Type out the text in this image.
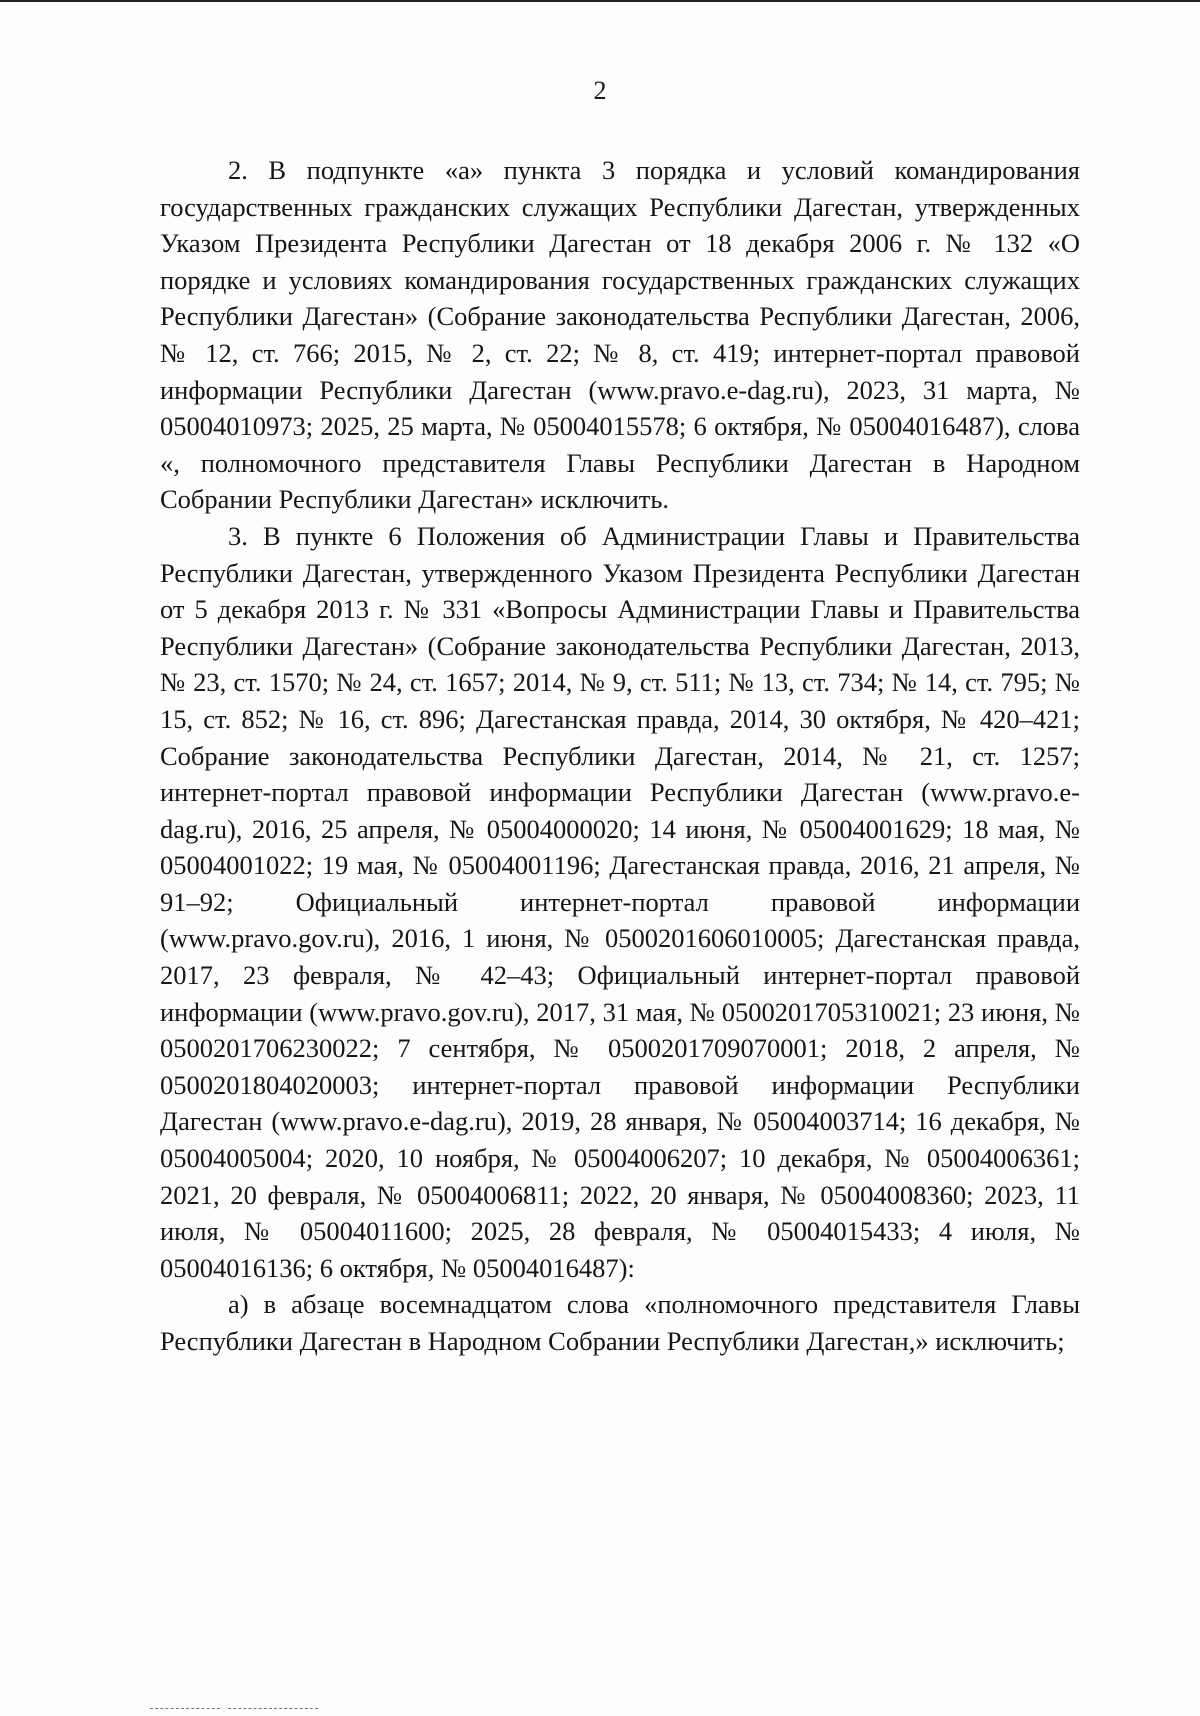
2

2. В подпункте «а» пункта 3 порядка и условий командирования государственных гражданских служащих Республики Дагестан, утвержденных Указом Президента Республики Дагестан от 18 декабря 2006 г. № 132 «О порядке и условиях командирования государственных гражданских служащих Республики Дагестан» (Собрание законодательства Республики Дагестан, 2006, № 12, ст. 766; 2015, № 2, ст. 22; № 8, ст. 419; интернет-портал правовой информации Республики Дагестан (www.pravo.e-dag.ru), 2023, 31 марта, № 05004010973; 2025, 25 марта, № 05004015578; 6 октября, № 05004016487), слова «, полномочного представителя Главы Республики Дагестан в Народном Собрании Республики Дагестан» исключить.

3. В пункте 6 Положения об Администрации Главы и Правительства Республики Дагестан, утвержденного Указом Президента Республики Дагестан от 5 декабря 2013 г. № 331 «Вопросы Администрации Главы и Правительства Республики Дагестан» (Собрание законодательства Республики Дагестан, 2013, № 23, ст. 1570; № 24, ст. 1657; 2014, № 9, ст. 511; № 13, ст. 734; № 14, ст. 795; № 15, ст. 852; № 16, ст. 896; Дагестанская правда, 2014, 30 октября, № 420–421; Собрание законодательства Республики Дагестан, 2014, № 21, ст. 1257; интернет-портал правовой информации Республики Дагестан (www.pravo.e-dag.ru), 2016, 25 апреля, № 05004000020; 14 июня, № 05004001629; 18 мая, № 05004001022; 19 мая, № 05004001196; Дагестанская правда, 2016, 21 апреля, № 91–92; Официальный интернет-портал правовой информации (www.pravo.gov.ru), 2016, 1 июня, № 0500201606010005; Дагестанская правда, 2017, 23 февраля, № 42–43; Официальный интернет-портал правовой информации (www.pravo.gov.ru), 2017, 31 мая, № 0500201705310021; 23 июня, № 0500201706230022; 7 сентября, № 0500201709070001; 2018, 2 апреля, № 0500201804020003; интернет-портал правовой информации Республики Дагестан (www.pravo.e-dag.ru), 2019, 28 января, № 05004003714; 16 декабря, № 05004005004; 2020, 10 ноября, № 05004006207; 10 декабря, № 05004006361; 2021, 20 февраля, № 05004006811; 2022, 20 января, № 05004008360; 2023, 11 июля, № 05004011600; 2025, 28 февраля, № 05004015433; 4 июля, № 05004016136; 6 октября, № 05004016487):

а) в абзаце восемнадцатом слова «полномочного представителя Главы Республики Дагестан в Народном Собрании Республики Дагестан,» исключить;
